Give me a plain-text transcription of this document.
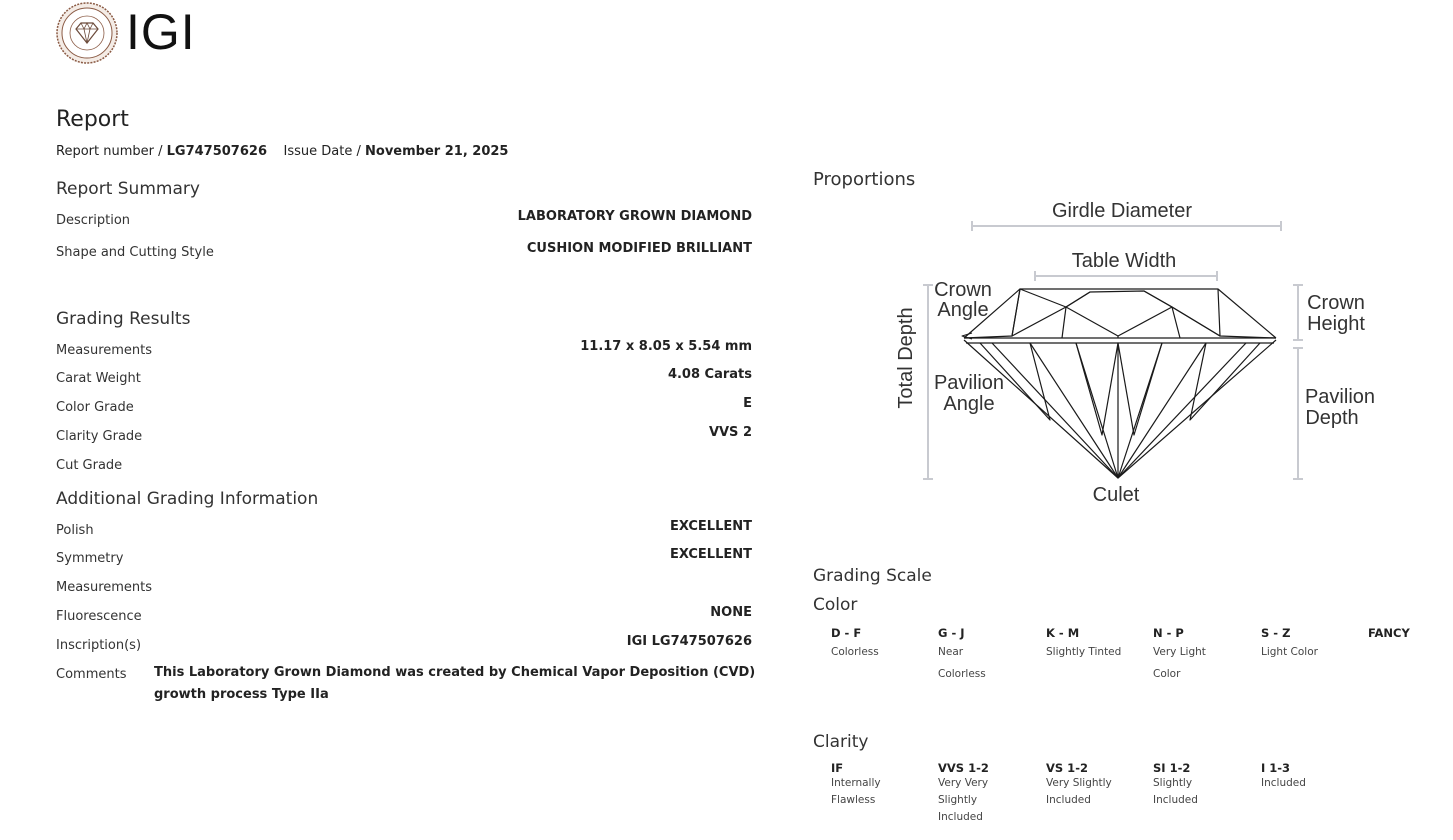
IGI
Report
Report number / LG747507626 Issue Date / November 21, 2025
Report Summary
Description	LABORATORY GROWN DIAMOND
Shape and Cutting Style	CUSHION MODIFIED BRILLIANT
Grading Results
Measurements	11.17 x 8.05 x 5.54 mm
Carat Weight	4.08 Carats
Color Grade	E
Clarity Grade	VVS 2
Cut Grade
Additional Grading Information
Polish	EXCELLENT
Symmetry	EXCELLENT
Measurements
Fluorescence	NONE
Inscription(s)	IGI LG747507626
Comments This Laboratory Grown Diamond was created by Chemical Vapor Deposition (CVD) growth process Type IIa
Proportions
Girdle Diameter
Table Width
Crown
Angle	Crown
Height
Total Depth Pavilion
Angle	Pavilion
Depth
Culet
Grading Scale
Color
D - F
Colorless
G - J
Near
Colorless
K - M
Slightly Tinted
N - P
Very Light
Color
S - Z
Light Color
FANCY
Clarity
IF
Internally
Flawless
VVS 1-2
Very Very
Slightly
Included
VS 1-2
Very Slightly
Included
SI 1-2
Slightly
Included
I 1-3
Included
